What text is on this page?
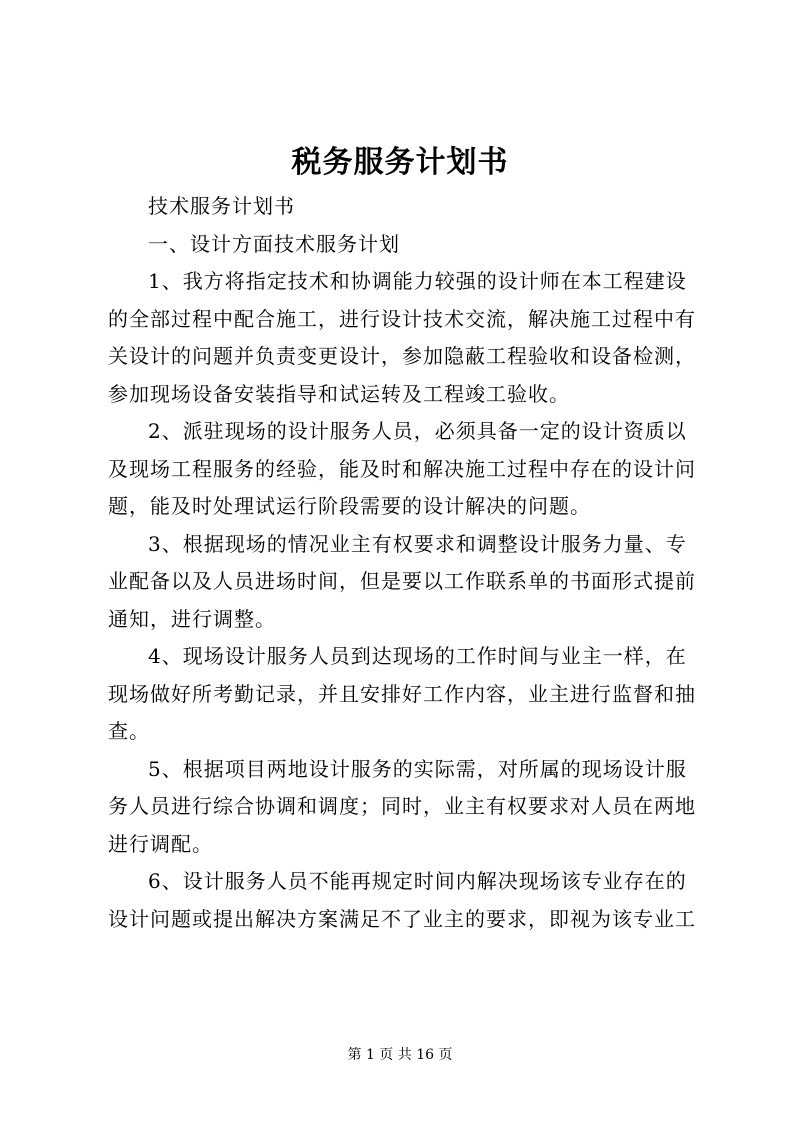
税务服务计划书
技术服务计划书
一、设计方面技术服务计划
1、我方将指定技术和协调能力较强的设计师在本工程建设
的全部过程中配合施工，进行设计技术交流，解决施工过程中有
关设计的问题并负责变更设计，参加隐蔽工程验收和设备检测，
参加现场设备安装指导和试运转及工程竣工验收。
2、派驻现场的设计服务人员，必须具备一定的设计资质以
及现场工程服务的经验，能及时和解决施工过程中存在的设计问
题，能及时处理试运行阶段需要的设计解决的问题。
3、根据现场的情况业主有权要求和调整设计服务力量、专
业配备以及人员进场时间，但是要以工作联系单的书面形式提前
通知，进行调整。
4、现场设计服务人员到达现场的工作时间与业主一样，在
现场做好所考勤记录，并且安排好工作内容，业主进行监督和抽
查。
5、根据项目两地设计服务的实际需，对所属的现场设计服
务人员进行综合协调和调度；同时，业主有权要求对人员在两地
进行调配。
6、设计服务人员不能再规定时间内解决现场该专业存在的
设计问题或提出解决方案满足不了业主的要求，即视为该专业工
第 1 页 共 16 页
